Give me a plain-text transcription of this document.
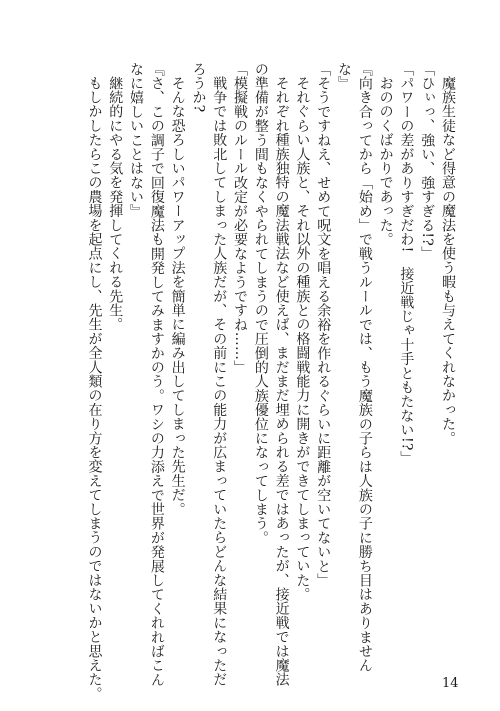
魔族生徒など得意の魔法を使う暇も与えてくれなかった。
「ひぃっ、強い、強すぎる!?」
「パワーの差がありすぎだわ!　接近戦じゃ十手ともたない!?」
おののくばかりであった。
『向き合ってから「始め」で戦うルールでは、もう魔族の子らは人族の子に勝ち目はありません
な』
「そうですねえ、せめて呪文を唱える余裕を作れるぐらいに距離が空いてないと」
それぐらい人族と、それ以外の種族との格闘戦能力に開きができてしまっていた。
それぞれ種族独特の魔法戦法など使えば、まだまだ埋められる差ではあったが、接近戦では魔法
の準備が整う間もなくやられてしまうので圧倒的人族優位になってしまう。
「模擬戦のルール改定が必要なようですね……」
戦争では敗北してしまった人族だが、その前にこの能力が広まっていたらどんな結果になっただ
ろうか?
そんな恐ろしいパワーアップ法を簡単に編み出してしまった先生だ。
『さ、この調子で回復魔法も開発してみますかのう。ワシの力添えで世界が発展してくれればこん
なに嬉しいことはない』
継続的にやる気を発揮してくれる先生。
もしかしたらこの農場を起点にし、先生が全人類の在り方を変えてしまうのではないかと思えた。	14
